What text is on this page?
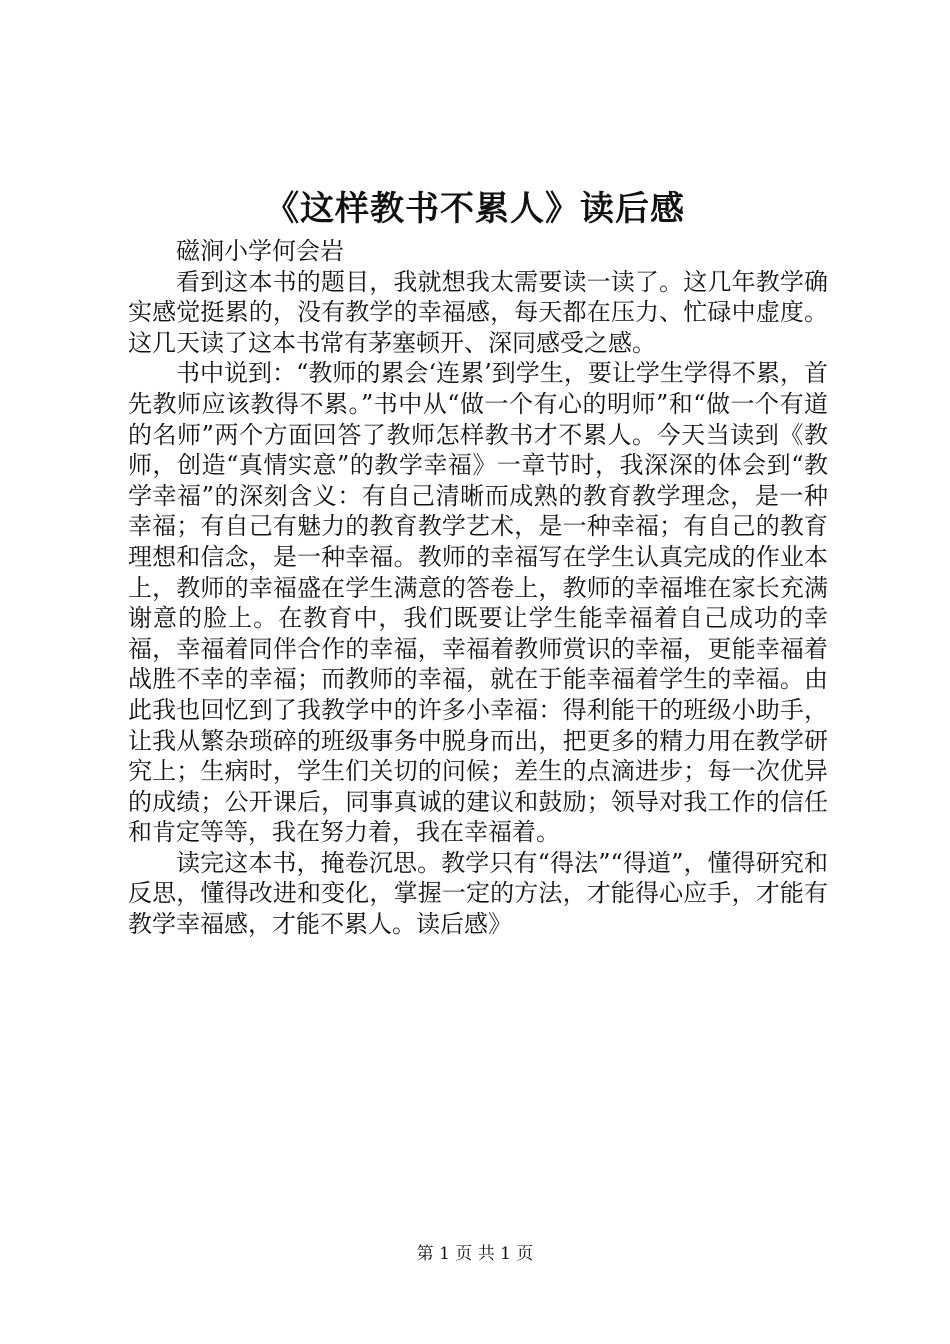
《这样教书不累人》读后感

磁涧小学何会岩

看到这本书的题目，我就想我太需要读一读了。这几年教学确实感觉挺累的，没有教学的幸福感，每天都在压力、忙碌中虚度。这几天读了这本书常有茅塞顿开、深同感受之感。

书中说到：“教师的累会‘连累’到学生，要让学生学得不累，首先教师应该教得不累。”书中从“做一个有心的明师”和“做一个有道的名师”两个方面回答了教师怎样教书才不累人。今天当读到《教师，创造“真情实意”的教学幸福》一章节时，我深深的体会到“教学幸福”的深刻含义：有自己清晰而成熟的教育教学理念，是一种幸福；有自己有魅力的教育教学艺术，是一种幸福；有自己的教育理想和信念，是一种幸福。教师的幸福写在学生认真完成的作业本上，教师的幸福盛在学生满意的答卷上，教师的幸福堆在家长充满谢意的脸上。在教育中，我们既要让学生能幸福着自己成功的幸福，幸福着同伴合作的幸福，幸福着教师赏识的幸福，更能幸福着战胜不幸的幸福；而教师的幸福，就在于能幸福着学生的幸福。由此我也回忆到了我教学中的许多小幸福：得利能干的班级小助手，让我从繁杂琐碎的班级事务中脱身而出，把更多的精力用在教学研究上；生病时，学生们关切的问候；差生的点滴进步；每一次优异的成绩；公开课后，同事真诚的建议和鼓励；领导对我工作的信任和肯定等等，我在努力着，我在幸福着。

读完这本书，掩卷沉思。教学只有“得法”“得道”，懂得研究和反思，懂得改进和变化，掌握一定的方法，才能得心应手，才能有教学幸福感，才能不累人。读后感》

第 1 页 共 1 页
